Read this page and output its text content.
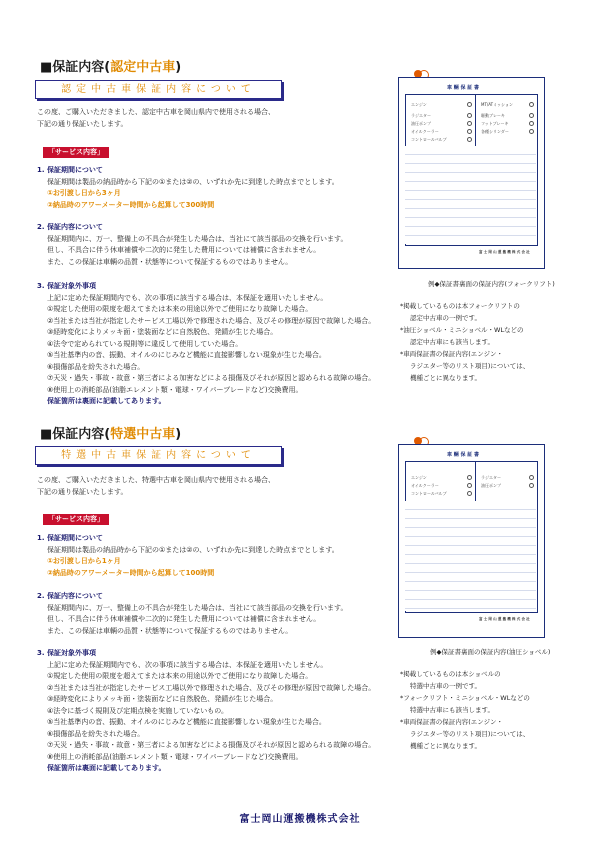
■保証内容(認定中古車)
認定中古車保証内容について
この度、ご購入いただきました、認定中古車を岡山県内で使用される場合、
下記の通り保証いたします。
「サービス内容」
1. 保証期間について
保証期間は製品の納品時から下記の①または②の、いずれか先に到達した時点までとします。
①お引渡し日から3ヶ月
②納品時のアワーメーター時間から起算して300時間
2. 保証内容について
保証期間内に、万一、整備上の不具合が発生した場合は、当社にて該当部品の交換を行います。
但し、不具合に伴う休車補償や二次的に発生した費用については補償に含まれません。
また、この保証は車輌の品質・状態等について保証するものではありません。
3. 保証対象外事項
上記に定めた保証期間内でも、次の事項に該当する場合は、本保証を適用いたしません。
①規定した使用の限度を超えてまたは本来の用途以外でご使用になり故障した場合。
②当社または当社が指定したサービス工場以外で修理された場合、及びその修理が原因で故障した場合。
③経時変化によりメッキ面・塗装面などに自然脱色、発錆が生じた場合。
④法令で定められている規則等に違反して使用していた場合。
⑤当社基準内の音、振動、オイルのにじみなど機能に直接影響しない現象が生じた場合。
⑥損傷部品を紛失された場合。
⑦天災・過失・事故・故意・第三者による加害などによる損傷及びそれが原因と認められる故障の場合。
⑧使用上の消耗部品(油脂エレメント類・電球・ワイパーブレードなど)交換費用。
保証箇所は裏面に記載してあります。
車 輌 保 証 書
エンジン
ラジエター
油圧ポンプ
オイルクーラー
コントロールバルブ
MT/ATミッション
駆動ブレーキ
フットブレーキ
各種シリンダー
富 士 岡 山 運 搬 機 株 式 会 社
例◆保証書裏面の保証内容(フォークリフト)
*掲載しているものは本フォークリフトの
認定中古車の一例です。
*油圧ショベル・ミニショベル・WLなどの
認定中古車にも該当します。
*車両保証書の保証内容(エンジン・
ラジエター等のリスト項目)については、
機種ごとに異なります。
■保証内容(特選中古車)
特選中古車保証内容について
この度、ご購入いただきました、特選中古車を岡山県内で使用される場合、
下記の通り保証いたします。
「サービス内容」
1. 保証期間について
保証期間は製品の納品時から下記の①または②の、いずれか先に到達した時点までとします。
①お引渡し日から1ヶ月
②納品時のアワーメーター時間から起算して100時間
2. 保証内容について
保証期間内に、万一、整備上の不具合が発生した場合は、当社にて該当部品の交換を行います。
但し、不具合に伴う休車補償や二次的に発生した費用については補償に含まれません。
また、この保証は車輌の品質・状態等について保証するものではありません。
3. 保証対象外事項
上記に定めた保証期間内でも、次の事項に該当する場合は、本保証を適用いたしません。
①規定した使用の限度を超えてまたは本来の用途以外でご使用になり故障した場合。
②当社または当社が指定したサービス工場以外で修理された場合、及びその修理が原因で故障した場合。
③経時変化によりメッキ面・塗装面などに自然脱色、発錆が生じた場合。
④法令に基づく規則及び定期点検を実施していないもの。
⑤当社基準内の音、振動、オイルのにじみなど機能に直接影響しない現象が生じた場合。
⑥損傷部品を紛失された場合。
⑦天災・過失・事故・故意・第三者による加害などによる損傷及びそれが原因と認められる故障の場合。
⑧使用上の消耗部品(油脂エレメント類・電球・ワイパーブレードなど)交換費用。
保証箇所は裏面に記載してあります。
車 輌 保 証 書
エンジン
オイルクーラー
コントロールバルブ
ラジエター
油圧ポンプ
富 士 岡 山 運 搬 機 株 式 会 社
例◆保証書裏面の保証内容(油圧ショベル)
*掲載しているものは本ショベルの
特選中古車の一例です。
*フォークリフト・ミニショベル・WLなどの
特選中古車にも該当します。
*車両保証書の保証内容(エンジン・
ラジエター等のリスト項目)については、
機種ごとに異なります。
富士岡山運搬機株式会社
